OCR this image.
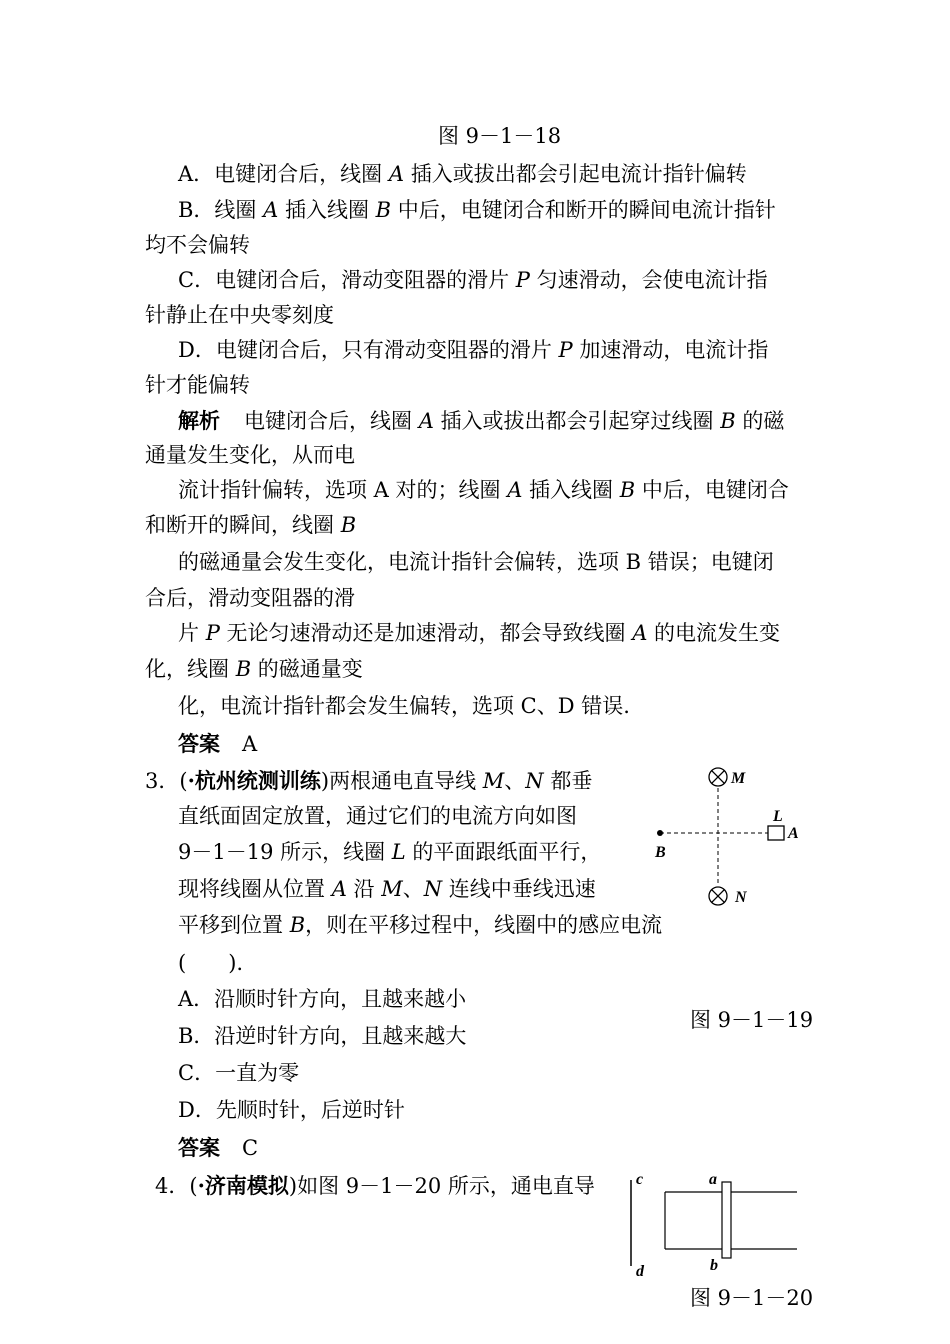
图 9－1－18
A．电键闭合后，线圈 A 插入或拔出都会引起电流计指针偏转
B．线圈 A 插入线圈 B 中后，电键闭合和断开的瞬间电流计指针
均不会偏转
C．电键闭合后，滑动变阻器的滑片 P 匀速滑动，会使电流计指
针静止在中央零刻度
D．电键闭合后，只有滑动变阻器的滑片 P 加速滑动，电流计指
针才能偏转
解析 电键闭合后，线圈 A 插入或拔出都会引起穿过线圈 B 的磁
通量发生变化，从而电
流计指针偏转，选项 A 对的；线圈 A 插入线圈 B 中后，电键闭合
和断开的瞬间，线圈 B
的磁通量会发生变化，电流计指针会偏转，选项 B 错误；电键闭
合后，滑动变阻器的滑
片 P 无论匀速滑动还是加速滑动，都会导致线圈 A 的电流发生变
化，线圈 B 的磁通量变
化，电流计指针都会发生偏转，选项 C、D 错误.
答案 A
3．(·杭州统测训练)两根通电直导线 M、N 都垂
直纸面固定放置，通过它们的电流方向如图
9－1－19 所示，线圈 L 的平面跟纸面平行，
现将线圈从位置 A 沿 M、N 连线中垂线迅速
平移到位置 B，则在平移过程中，线圈中的感应电流
(　　).
A．沿顺时针方向，且越来越小
B．沿逆时针方向，且越来越大
C．一直为零
D．先顺时针，后逆时针
答案 C
图 9－1－19
4．(·济南模拟)如图 9－1－20 所示，通电直导
图 9－1－20
M
N
L
A
B
c
d
a
b
